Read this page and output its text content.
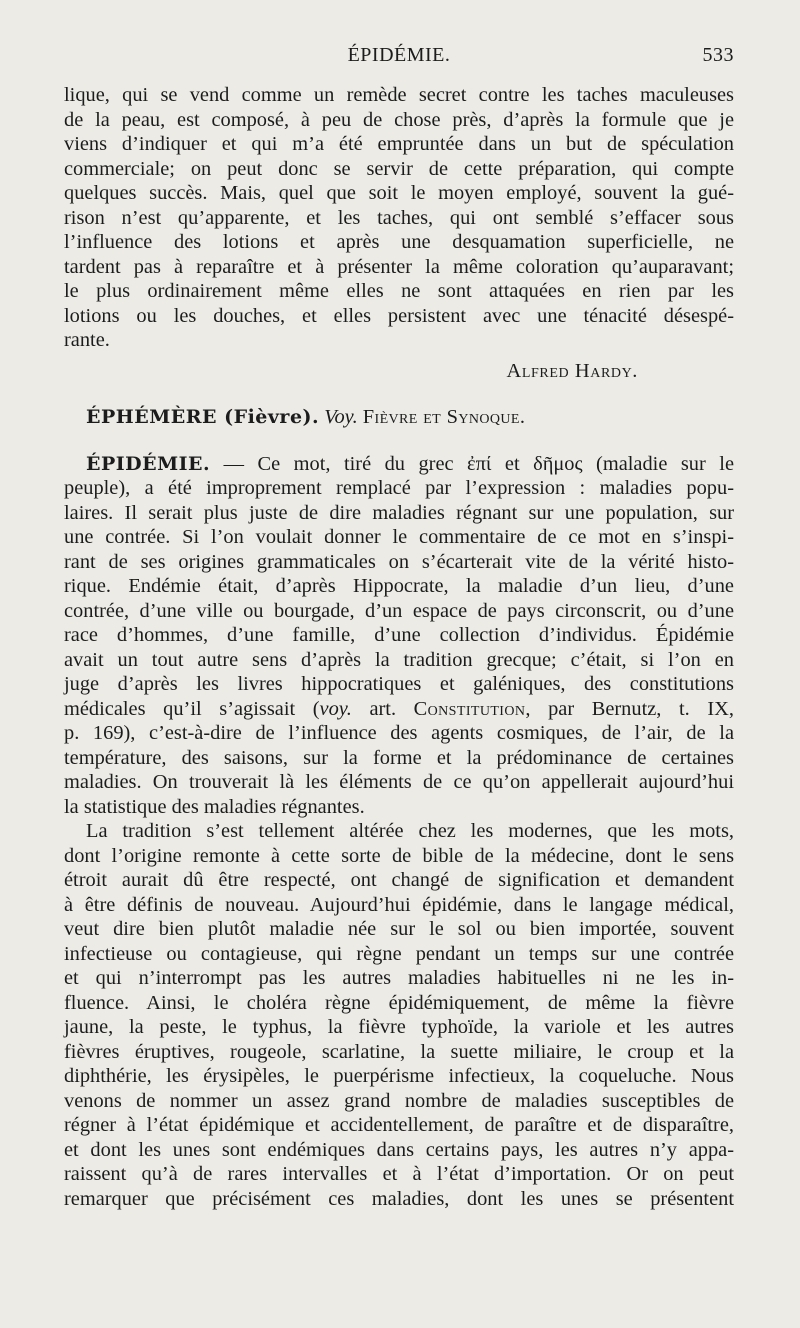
ÉPIDÉMIE.	533
lique, qui se vend comme un remède secret contre les taches maculeuses
de la peau, est composé, à peu de chose près, d’après la formule que je
viens d’indiquer et qui m’a été empruntée dans un but de spéculation
commerciale; on peut donc se servir de cette préparation, qui compte
quelques succès. Mais, quel que soit le moyen employé, souvent la gué-
rison n’est qu’apparente, et les taches, qui ont semblé s’effacer sous
l’influence des lotions et après une desquamation superficielle, ne
tardent pas à reparaître et à présenter la même coloration qu’auparavant;
le plus ordinairement même elles ne sont attaquées en rien par les
lotions ou les douches, et elles persistent avec une ténacité désespé-
rante.
Alfred Hardy.
ÉPHÉMÈRE (Fièvre). Voy. Fièvre et Synoque.
ÉPIDÉMIE. — Ce mot, tiré du grec ἐπί et δῆμος (maladie sur le
peuple), a été improprement remplacé par l’expression : maladies popu-
laires. Il serait plus juste de dire maladies régnant sur une population, sur
une contrée. Si l’on voulait donner le commentaire de ce mot en s’inspi-
rant de ses origines grammaticales on s’écarterait vite de la vérité histo-
rique. Endémie était, d’après Hippocrate, la maladie d’un lieu, d’une
contrée, d’une ville ou bourgade, d’un espace de pays circonscrit, ou d’une
race d’hommes, d’une famille, d’une collection d’individus. Épidémie
avait un tout autre sens d’après la tradition grecque; c’était, si l’on en
juge d’après les livres hippocratiques et galéniques, des constitutions
médicales qu’il s’agissait (voy. art. Constitution, par Bernutz, t. IX,
p. 169), c’est-à-dire de l’influence des agents cosmiques, de l’air, de la
température, des saisons, sur la forme et la prédominance de certaines
maladies. On trouverait là les éléments de ce qu’on appellerait aujourd’hui
la statistique des maladies régnantes.
La tradition s’est tellement altérée chez les modernes, que les mots,
dont l’origine remonte à cette sorte de bible de la médecine, dont le sens
étroit aurait dû être respecté, ont changé de signification et demandent
à être définis de nouveau. Aujourd’hui épidémie, dans le langage médical,
veut dire bien plutôt maladie née sur le sol ou bien importée, souvent
infectieuse ou contagieuse, qui règne pendant un temps sur une contrée
et qui n’interrompt pas les autres maladies habituelles ni ne les in-
fluence. Ainsi, le choléra règne épidémiquement, de même la fièvre
jaune, la peste, le typhus, la fièvre typhoïde, la variole et les autres
fièvres éruptives, rougeole, scarlatine, la suette miliaire, le croup et la
diphthérie, les érysipèles, le puerpérisme infectieux, la coqueluche. Nous
venons de nommer un assez grand nombre de maladies susceptibles de
régner à l’état épidémique et accidentellement, de paraître et de disparaître,
et dont les unes sont endémiques dans certains pays, les autres n’y appa-
raissent qu’à de rares intervalles et à l’état d’importation. Or on peut
remarquer que précisément ces maladies, dont les unes se présentent
